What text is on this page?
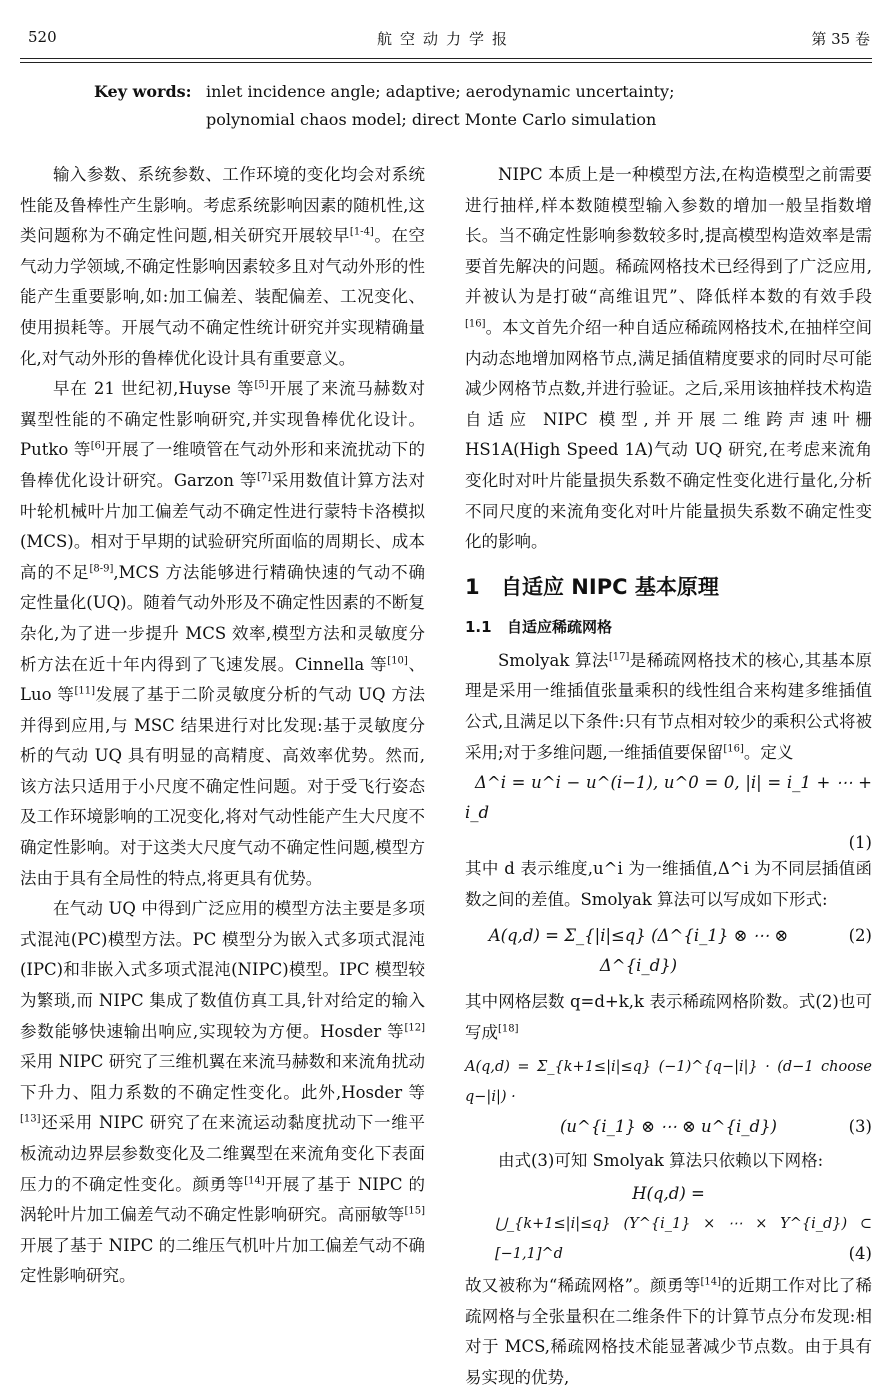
520	航空动力学报	第 35 卷
Key words: inlet incidence angle; adaptive; aerodynamic uncertainty;
polynomial chaos model; direct Monte Carlo simulation

输入参数、系统参数、工作环境的变化均会对系统性能及鲁棒性产生影响。考虑系统影响因素的随机性,这类问题称为不确定性问题,相关研究开展较早[1-4]。在空气动力学领域,不确定性影响因素较多且对气动外形的性能产生重要影响,如:加工偏差、装配偏差、工况变化、使用损耗等。开展气动不确定性统计研究并实现精确量化,对气动外形的鲁棒优化设计具有重要意义。

早在 21 世纪初,Huyse 等[5]开展了来流马赫数对翼型性能的不确定性影响研究,并实现鲁棒优化设计。Putko 等[6]开展了一维喷管在气动外形和来流扰动下的鲁棒优化设计研究。Garzon 等[7]采用数值计算方法对叶轮机械叶片加工偏差气动不确定性进行蒙特卡洛模拟(MCS)。相对于早期的试验研究所面临的周期长、成本高的不足[8-9],MCS 方法能够进行精确快速的气动不确定性量化(UQ)。随着气动外形及不确定性因素的不断复杂化,为了进一步提升 MCS 效率,模型方法和灵敏度分析方法在近十年内得到了飞速发展。Cinnella 等[10]、Luo 等[11]发展了基于二阶灵敏度分析的气动 UQ 方法并得到应用,与 MSC 结果进行对比发现:基于灵敏度分析的气动 UQ 具有明显的高精度、高效率优势。然而,该方法只适用于小尺度不确定性问题。对于受飞行姿态及工作环境影响的工况变化,将对气动性能产生大尺度不确定性影响。对于这类大尺度气动不确定性问题,模型方法由于具有全局性的特点,将更具有优势。

在气动 UQ 中得到广泛应用的模型方法主要是多项式混沌(PC)模型方法。PC 模型分为嵌入式多项式混沌(IPC)和非嵌入式多项式混沌(NIPC)模型。IPC 模型较为繁琐,而 NIPC 集成了数值仿真工具,针对给定的输入参数能够快速输出响应,实现较为方便。Hosder 等[12]采用 NIPC 研究了三维机翼在来流马赫数和来流角扰动下升力、阻力系数的不确定性变化。此外,Hosder 等[13]还采用 NIPC 研究了在来流运动黏度扰动下一维平板流动边界层参数变化及二维翼型在来流角变化下表面压力的不确定性变化。颜勇等[14]开展了基于 NIPC 的涡轮叶片加工偏差气动不确定性影响研究。高丽敏等[15]开展了基于 NIPC 的二维压气机叶片加工偏差气动不确定性影响研究。

NIPC 本质上是一种模型方法,在构造模型之前需要进行抽样,样本数随模型输入参数的增加一般呈指数增长。当不确定性影响参数较多时,提高模型构造效率是需要首先解决的问题。稀疏网格技术已经得到了广泛应用,并被认为是打破“高维诅咒”、降低样本数的有效手段[16]。本文首先介绍一种自适应稀疏网格技术,在抽样空间内动态地增加网格节点,满足插值精度要求的同时尽可能减少网格节点数,并进行验证。之后,采用该抽样技术构造自适应 NIPC 模型,并开展二维跨声速叶栅 HS1A(High Speed 1A)气动 UQ 研究,在考虑来流角变化时对叶片能量损失系数不确定性变化进行量化,分析不同尺度的来流角变化对叶片能量损失系数不确定性变化的影响。

1 自适应 NIPC 基本原理
1.1 自适应稀疏网格

Smolyak 算法[17]是稀疏网格技术的核心,其基本原理是采用一维插值张量乘积的线性组合来构建多维插值公式,且满足以下条件:只有节点相对较少的乘积公式将被采用;对于多维问题,一维插值要保留[16]。定义

Δ^i = u^i − u^(i−1), u^0 = 0, |i| = i_1 + ⋯ + i_d
(1)

其中 d 表示维度,u^i 为一维插值,Δ^i 为不同层插值函数之间的差值。Smolyak 算法可以写成如下形式:

A(q,d) = Σ_{|i|≤q} (Δ^{i_1} ⊗ ⋯ ⊗ Δ^{i_d})
(2)

其中网格层数 q=d+k,k 表示稀疏网格阶数。式(2)也可写成[18]

A(q,d) = Σ_{k+1≤|i|≤q} (−1)^{q−|i|} · (d−1 choose q−|i|) ·
(u^{i_1} ⊗ ⋯ ⊗ u^{i_d})	(3)

由式(3)可知 Smolyak 算法只依赖以下网格:

H(q,d) =
⋃_{k+1≤|i|≤q} (Y^{i_1} × ⋯ × Y^{i_d}) ⊂ [−1,1]^d	(4)

故又被称为“稀疏网格”。颜勇等[14]的近期工作对比了稀疏网格与全张量积在二维条件下的计算节点分布发现:相对于 MCS,稀疏网格技术能显著减少节点数。由于具有易实现的优势,
